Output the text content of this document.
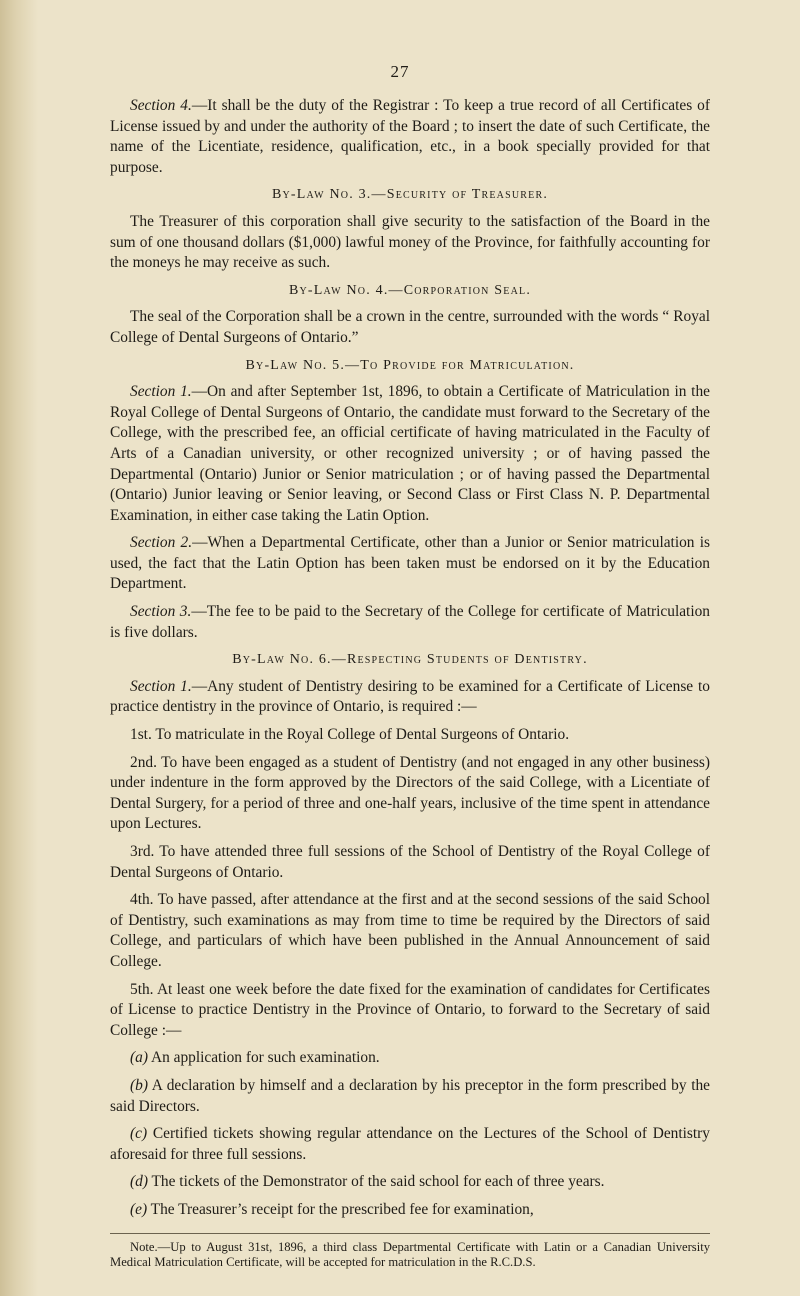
27

Section 4.—It shall be the duty of the Registrar : To keep a true record of all Certificates of License issued by and under the authority of the Board ; to insert the date of such Certificate, the name of the Licentiate, residence, qualification, etc., in a book specially provided for that purpose.

By-Law No. 3.—Security of Treasurer.

The Treasurer of this corporation shall give security to the satisfaction of the Board in the sum of one thousand dollars ($1,000) lawful money of the Province, for faithfully accounting for the moneys he may receive as such.

By-Law No. 4.—Corporation Seal.

The seal of the Corporation shall be a crown in the centre, surrounded with the words “ Royal College of Dental Surgeons of Ontario.”

By-Law No. 5.—To Provide for Matriculation.

Section 1.—On and after September 1st, 1896, to obtain a Certificate of Matriculation in the Royal College of Dental Surgeons of Ontario, the candidate must forward to the Secretary of the College, with the prescribed fee, an official certificate of having matriculated in the Faculty of Arts of a Canadian university, or other recognized university ; or of having passed the Departmental (Ontario) Junior or Senior matriculation ; or of having passed the Departmental (Ontario) Junior leaving or Senior leaving, or Second Class or First Class N. P. Departmental Examination, in either case taking the Latin Option.

Section 2.—When a Departmental Certificate, other than a Junior or Senior matriculation is used, the fact that the Latin Option has been taken must be endorsed on it by the Education Department.

Section 3.—The fee to be paid to the Secretary of the College for certificate of Matriculation is five dollars.

By-Law No. 6.—Respecting Students of Dentistry.

Section 1.—Any student of Dentistry desiring to be examined for a Certificate of License to practice dentistry in the province of Ontario, is required :—

1st. To matriculate in the Royal College of Dental Surgeons of Ontario.

2nd. To have been engaged as a student of Dentistry (and not engaged in any other business) under indenture in the form approved by the Directors of the said College, with a Licentiate of Dental Surgery, for a period of three and one-half years, inclusive of the time spent in attendance upon Lectures.

3rd. To have attended three full sessions of the School of Dentistry of the Royal College of Dental Surgeons of Ontario.

4th. To have passed, after attendance at the first and at the second sessions of the said School of Dentistry, such examinations as may from time to time be required by the Directors of said College, and particulars of which have been published in the Annual Announcement of said College.

5th. At least one week before the date fixed for the examination of candidates for Certificates of License to practice Dentistry in the Province of Ontario, to forward to the Secretary of said College :—

(a) An application for such examination.

(b) A declaration by himself and a declaration by his preceptor in the form prescribed by the said Directors.

(c) Certified tickets showing regular attendance on the Lectures of the School of Dentistry aforesaid for three full sessions.

(d) The tickets of the Demonstrator of the said school for each of three years.

(e) The Treasurer’s receipt for the prescribed fee for examination,

Note.—Up to August 31st, 1896, a third class Departmental Certificate with Latin or a Canadian University Medical Matriculation Certificate, will be accepted for matriculation in the R.C.D.S.
